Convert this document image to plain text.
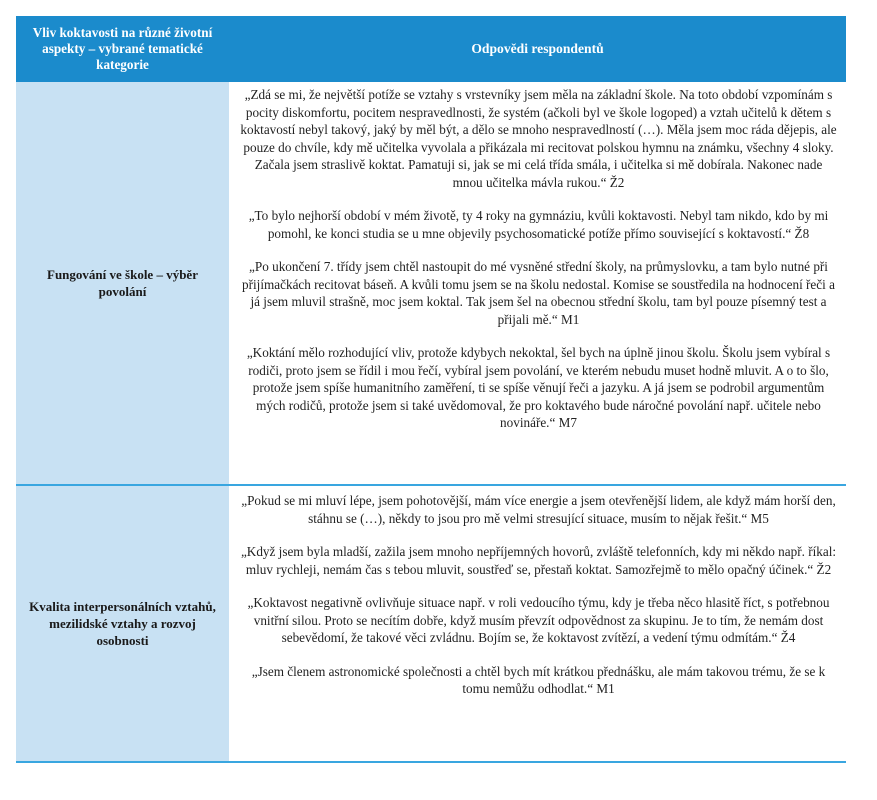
Vliv koktavosti na různé životní aspekty – vybrané tematické kategorie
Odpovědi respondentů
Fungování ve škole – výběr povolání

„Zdá se mi, že největší potíže se vztahy s vrstevníky jsem měla na základní škole. Na toto období vzpomínám s pocity diskomfortu, pocitem nespravedlnosti, že systém (ačkoli byl ve škole logoped) a vztah učitelů k dětem s koktavostí nebyl takový, jaký by měl být, a dělo se mnoho nespravedlností (…). Měla jsem moc ráda dějepis, ale pouze do chvíle, kdy mě učitelka vyvolala a přikázala mi recitovat polskou hymnu na známku, všechny 4 sloky. Začala jsem straslivě koktat. Pamatuji si, jak se mi celá třída smála, i učitelka si mě dobírala. Nakonec nade mnou učitelka mávla rukou.“ Ž2

„To bylo nejhorší období v mém životě, ty 4 roky na gymnáziu, kvůli koktavosti. Nebyl tam nikdo, kdo by mi pomohl, ke konci studia se u mne objevily psychosomatické potíže přímo související s koktavostí.“ Ž8

„Po ukončení 7. třídy jsem chtěl nastoupit do mé vysněné střední školy, na průmyslovku, a tam bylo nutné při přijímačkách recitovat báseň. A kvůli tomu jsem se na školu nedostal. Komise se soustředila na hodnocení řeči a já jsem mluvil strašně, moc jsem koktal. Tak jsem šel na obecnou střední školu, tam byl pouze písemný test a přijali mě.“ M1

„Koktání mělo rozhodující vliv, protože kdybych nekoktal, šel bych na úplně jinou školu. Školu jsem vybíral s rodiči, proto jsem se řídil i mou řečí, vybíral jsem povolání, ve kterém nebudu muset hodně mluvit. A o to šlo, protože jsem spíše humanitního zaměření, ti se spíše věnují řeči a jazyku. A já jsem se podrobil argumentům mých rodičů, protože jsem si také uvědomoval, že pro koktavého bude náročné povolání např. učitele nebo novináře.“ M7

Kvalita interpersonálních vztahů, mezilidské vztahy a rozvoj osobnosti

„Pokud se mi mluví lépe, jsem pohotovější, mám více energie a jsem otevřenější lidem, ale když mám horší den, stáhnu se (…), někdy to jsou pro mě velmi stresující situace, musím to nějak řešit.“ M5

„Když jsem byla mladší, zažila jsem mnoho nepříjemných hovorů, zvláště telefonních, kdy mi někdo např. říkal: mluv rychleji, nemám čas s tebou mluvit, soustřeď se, přestaň koktat. Samozřejmě to mělo opačný účinek.“ Ž2

„Koktavost negativně ovlivňuje situace např. v roli vedoucího týmu, kdy je třeba něco hlasitě říct, s potřebnou vnitřní silou. Proto se necítím dobře, když musím převzít odpovědnost za skupinu. Je to tím, že nemám dost sebevědomí, že takové věci zvládnu. Bojím se, že koktavost zvítězí, a vedení týmu odmítám.“ Ž4

„Jsem členem astronomické společnosti a chtěl bych mít krátkou přednášku, ale mám takovou trému, že se k tomu nemůžu odhodlat.“ M1
